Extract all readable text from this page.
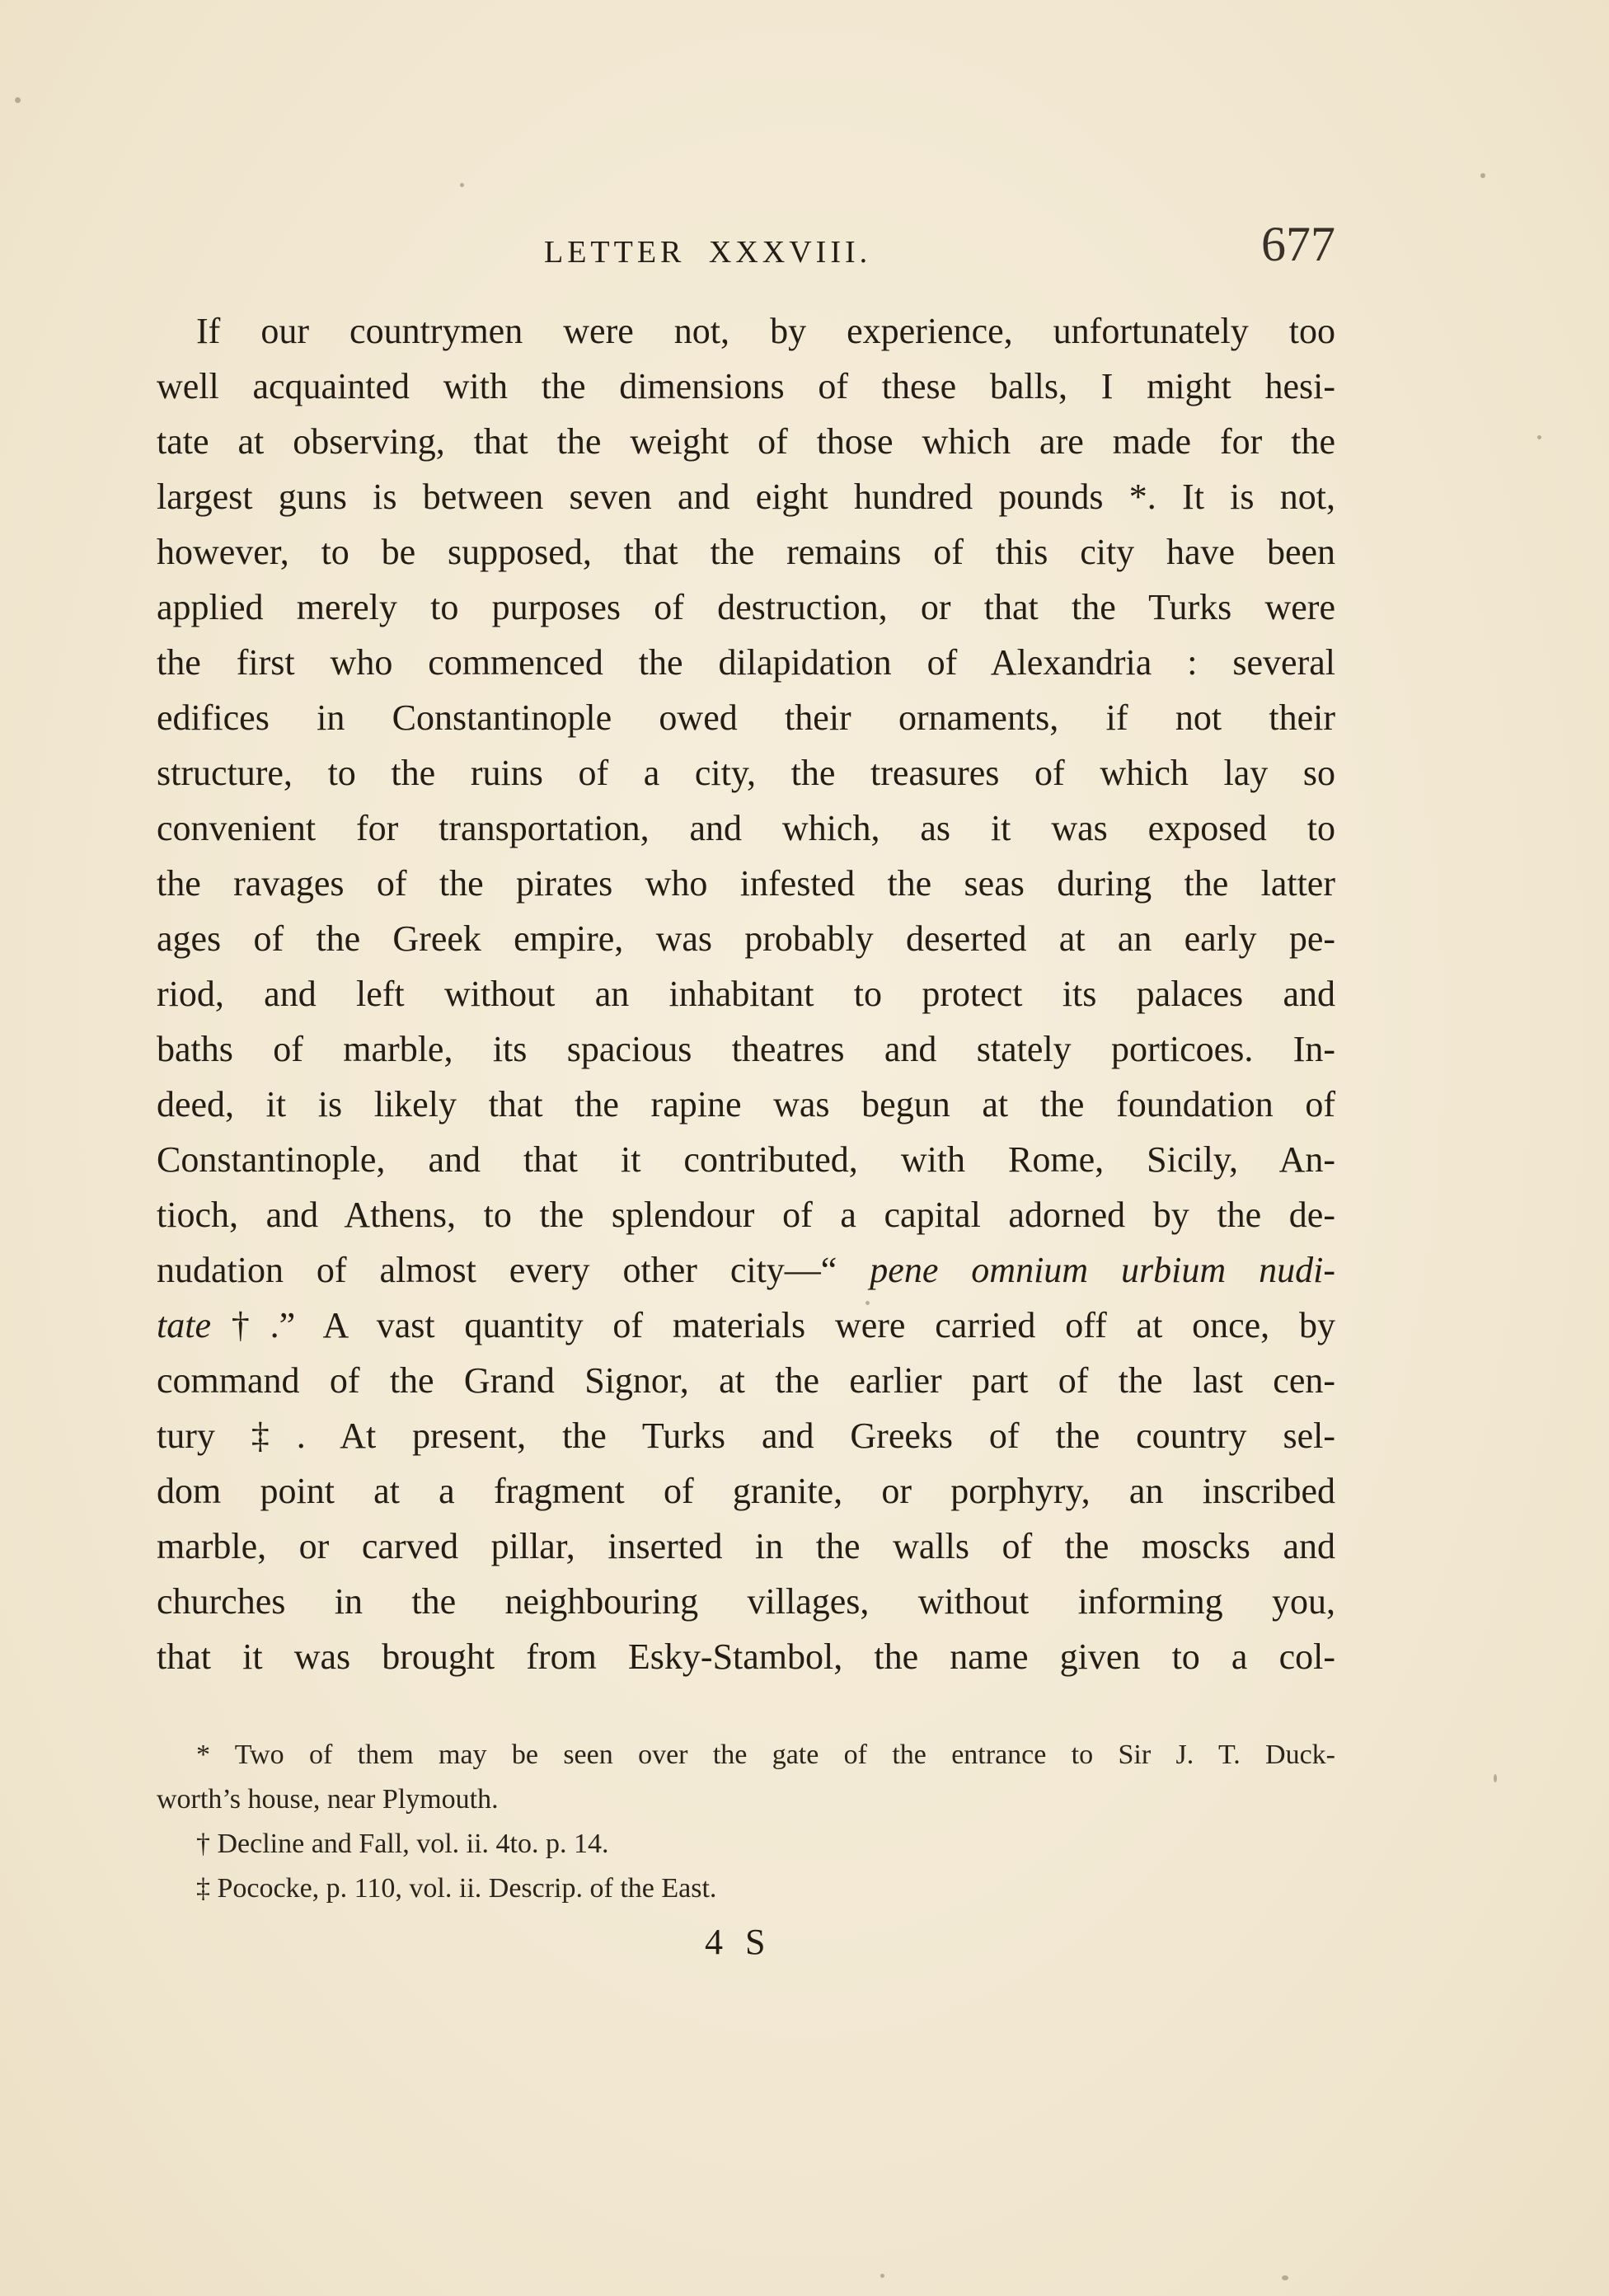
LETTER XXXVIII.	677
If our countrymen were not, by experience, unfortunately too
well acquainted with the dimensions of these balls, I might hesi-
tate at observing, that the weight of those which are made for the
largest guns is between seven and eight hundred pounds *. It is not,
however, to be supposed, that the remains of this city have been
applied merely to purposes of destruction, or that the Turks were
the first who commenced the dilapidation of Alexandria : several
edifices in Constantinople owed their ornaments, if not their
structure, to the ruins of a city, the treasures of which lay so
convenient for transportation, and which, as it was exposed to
the ravages of the pirates who infested the seas during the latter
ages of the Greek empire, was probably deserted at an early pe-
riod, and left without an inhabitant to protect its palaces and
baths of marble, its spacious theatres and stately porticoes. In-
deed, it is likely that the rapine was begun at the foundation of
Constantinople, and that it contributed, with Rome, Sicily, An-
tioch, and Athens, to the splendour of a capital adorned by the de-
nudation of almost every other city—“ pene omnium urbium nudi-
tate†.” A vast quantity of materials were carried off at once, by
command of the Grand Signor, at the earlier part of the last cen-
tury ‡. At present, the Turks and Greeks of the country sel-
dom point at a fragment of granite, or porphyry, an inscribed
marble, or carved pillar, inserted in the walls of the moscks and
churches in the neighbouring villages, without informing you,
that it was brought from Esky-Stambol, the name given to a col-
* Two of them may be seen over the gate of the entrance to Sir J. T. Duck-
worth’s house, near Plymouth.
† Decline and Fall, vol. ii. 4to. p. 14.
‡ Pococke, p. 110, vol. ii. Descrip. of the East.
4 S
